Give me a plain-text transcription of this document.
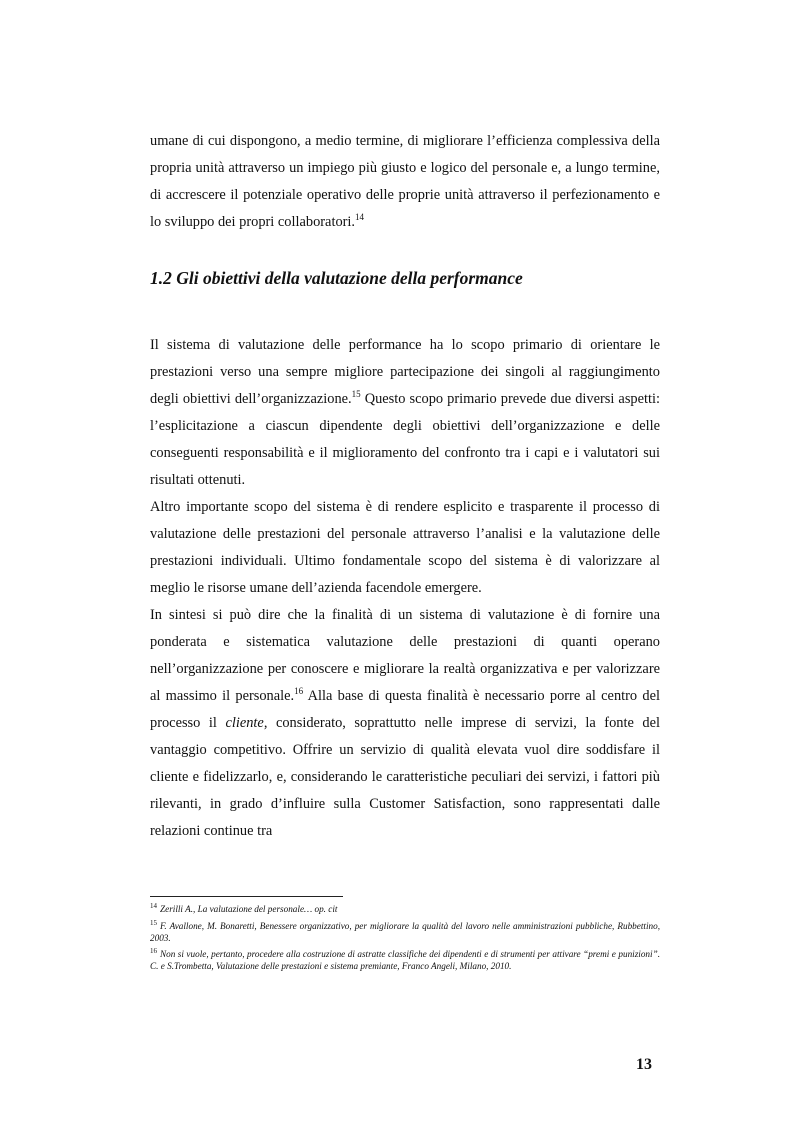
umane di cui dispongono, a medio termine, di migliorare l’efficienza complessiva della propria unità attraverso un impiego più giusto e logico del personale e, a lungo termine, di accrescere il potenziale operativo delle proprie unità attraverso il perfezionamento e lo sviluppo dei propri collaboratori.$^{14}$

1.2 Gli obiettivi della valutazione della performance

Il sistema di valutazione delle performance ha lo scopo primario di orientare le prestazioni verso una sempre migliore partecipazione dei singoli al raggiungimento degli obiettivi dell’organizzazione.$^{15}$ Questo scopo primario prevede due diversi aspetti: l’esplicitazione a ciascun dipendente degli obiettivi dell’organizzazione e delle conseguenti responsabilità e il miglioramento del confronto tra i capi e i valutatori sui risultati ottenuti.

Altro importante scopo del sistema è di rendere esplicito e trasparente il processo di valutazione delle prestazioni del personale attraverso l’analisi e la valutazione delle prestazioni individuali. Ultimo fondamentale scopo del sistema è di valorizzare al meglio le risorse umane dell’azienda facendole emergere.

In sintesi si può dire che la finalità di un sistema di valutazione è di fornire una ponderata e sistematica valutazione delle prestazioni di quanti operano nell’organizzazione per conoscere e migliorare la realtà organizzativa e per valorizzare al massimo il personale.$^{16}$ Alla base di questa finalità è necessario porre al centro del processo il cliente, considerato, soprattutto nelle imprese di servizi, la fonte del vantaggio competitivo. Offrire un servizio di qualità elevata vuol dire soddisfare il cliente e fidelizzarlo, e, considerando le caratteristiche peculiari dei servizi, i fattori più rilevanti, in grado d’influire sulla Customer Satisfaction, sono rappresentati dalle relazioni continue tra

$^{14}$ Zerilli A., La valutazione del personale… op. cit

$^{15}$ F. Avallone, M. Bonaretti, Benessere organizzativo, per migliorare la qualità del lavoro nelle amministrazioni pubbliche, Rubbettino, 2003.

$^{16}$ Non si vuole, pertanto, procedere alla costruzione di astratte classifiche dei dipendenti e di strumenti per attivare “premi e punizioni”. C. e S.Trombetta, Valutazione delle prestazioni e sistema premiante, Franco Angeli, Milano, 2010.

13
